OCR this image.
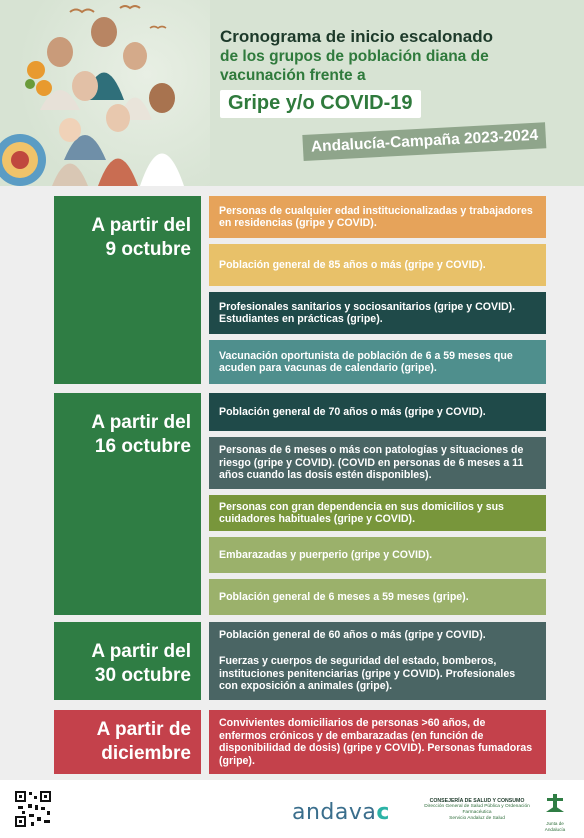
Cronograma de inicio escalonado
de los grupos de población diana de
vacunación frente a
Gripe y/o COVID-19
Andalucía-Campaña 2023-2024
A partir del
9 octubre
Personas de cualquier edad institucionalizadas y trabajadores en residencias (gripe y COVID).
Población general de 85 años o más (gripe y COVID).
Profesionales sanitarios y sociosanitarios (gripe y COVID). Estudiantes en prácticas (gripe).
Vacunación oportunista de población de 6 a 59 meses que acuden para vacunas de calendario (gripe).
A partir del
16 octubre
Población general de 70 años o más (gripe y COVID).
Personas de 6 meses o más con patologías y situaciones de riesgo (gripe y COVID). (COVID en personas de 6 meses a 11 años cuando las dosis estén disponibles).
Personas con gran dependencia en sus domicilios y sus cuidadores habituales (gripe y COVID).
Embarazadas y puerperio (gripe y COVID).
Población general de 6 meses a 59 meses (gripe).
A partir del
30 octubre
Población general de 60 años o más (gripe y COVID).
Fuerzas y cuerpos de seguridad del estado, bomberos, instituciones penitenciarias (gripe y COVID). Profesionales con exposición a animales (gripe).
A partir de
diciembre
Convivientes domiciliarios de personas >60 años, de enfermos crónicos y de embarazadas (en función de disponibilidad de dosis) (gripe y COVID). Personas fumadoras (gripe).
andavac	CONSEJERÍA DE SALUD Y CONSUMO
Dirección General de Salud Pública y Ordenación Farmacéutica
Servicio Andaluz de Salud
Junta de Andalucía
